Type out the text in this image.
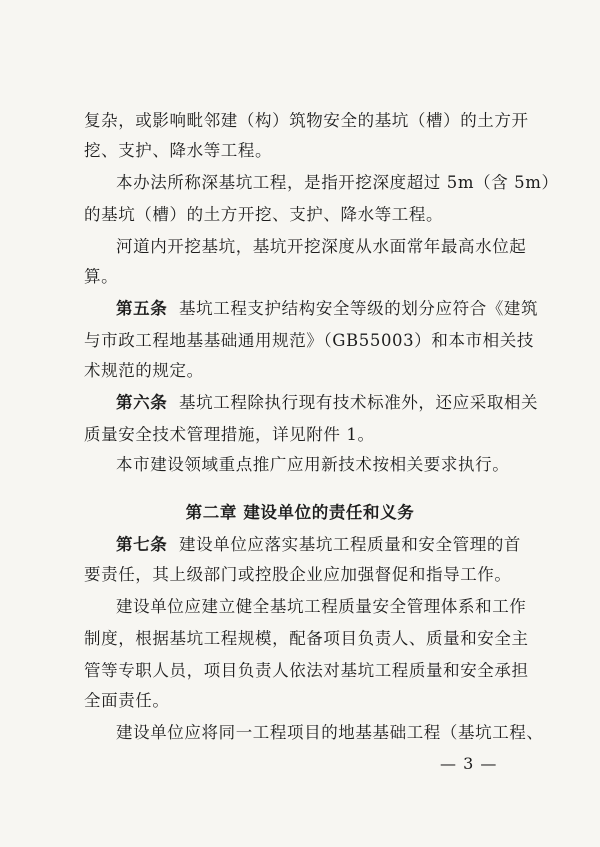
复杂，或影响毗邻建（构）筑物安全的基坑（槽）的土方开
挖、支护、降水等工程。
本办法所称深基坑工程，是指开挖深度超过 5m（含 5m）
的基坑（槽）的土方开挖、支护、降水等工程。
河道内开挖基坑，基坑开挖深度从水面常年最高水位起
算。
第五条 基坑工程支护结构安全等级的划分应符合《建筑
与市政工程地基基础通用规范》（GB55003）和本市相关技
术规范的规定。
第六条 基坑工程除执行现有技术标准外，还应采取相关
质量安全技术管理措施，详见附件 1。
本市建设领域重点推广应用新技术按相关要求执行。
第二章 建设单位的责任和义务
第七条 建设单位应落实基坑工程质量和安全管理的首
要责任，其上级部门或控股企业应加强督促和指导工作。
建设单位应建立健全基坑工程质量安全管理体系和工作
制度，根据基坑工程规模，配备项目负责人、质量和安全主
管等专职人员，项目负责人依法对基坑工程质量和安全承担
全面责任。
建设单位应将同一工程项目的地基基础工程（基坑工程、
— 3 —
